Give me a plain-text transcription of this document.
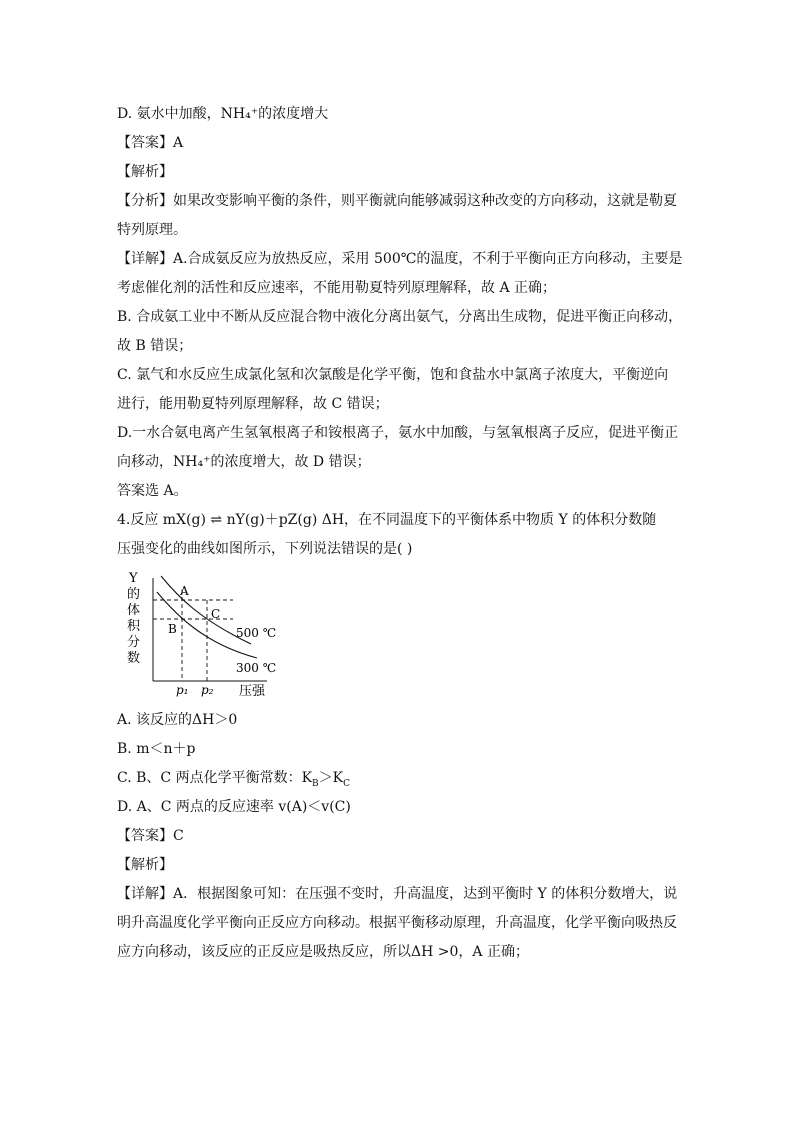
D. 氨水中加酸，NH₄⁺的浓度增大

【答案】A

【解析】

【分析】如果改变影响平衡的条件，则平衡就向能够减弱这种改变的方向移动，这就是勒夏

特列原理。

【详解】A.合成氨反应为放热反应，采用 500℃的温度，不利于平衡向正方向移动，主要是

考虑催化剂的活性和反应速率，不能用勒夏特列原理解释，故 A 正确；

B. 合成氨工业中不断从反应混合物中液化分离出氨气，分离出生成物，促进平衡正向移动，

故 B 错误；

C. 氯气和水反应生成氯化氢和次氯酸是化学平衡，饱和食盐水中氯离子浓度大，平衡逆向

进行，能用勒夏特列原理解释，故 C 错误；

D.一水合氨电离产生氢氧根离子和铵根离子，氨水中加酸，与氢氧根离子反应，促进平衡正

向移动，NH₄⁺的浓度增大，故 D 错误；

答案选 A。

4.反应 mX(g) ⇌ nY(g)＋pZ(g) ΔH，在不同温度下的平衡体系中物质 Y 的体积分数随

压强变化的曲线如图所示，下列说法错误的是( )

Y
的
体
积
分
数
A
B
C
500 ℃
300 ℃
p₁ p₂ 压强

A. 该反应的ΔH＞0

B. m＜n＋p

C. B、C 两点化学平衡常数：$K_B>K_C$

D. A、C 两点的反应速率 v(A)＜v(C)

【答案】C

【解析】

【详解】A．根据图象可知：在压强不变时，升高温度，达到平衡时 Y 的体积分数增大，说

明升高温度化学平衡向正反应方向移动。根据平衡移动原理，升高温度，化学平衡向吸热反

应方向移动，该反应的正反应是吸热反应，所以ΔH >0，A 正确；
